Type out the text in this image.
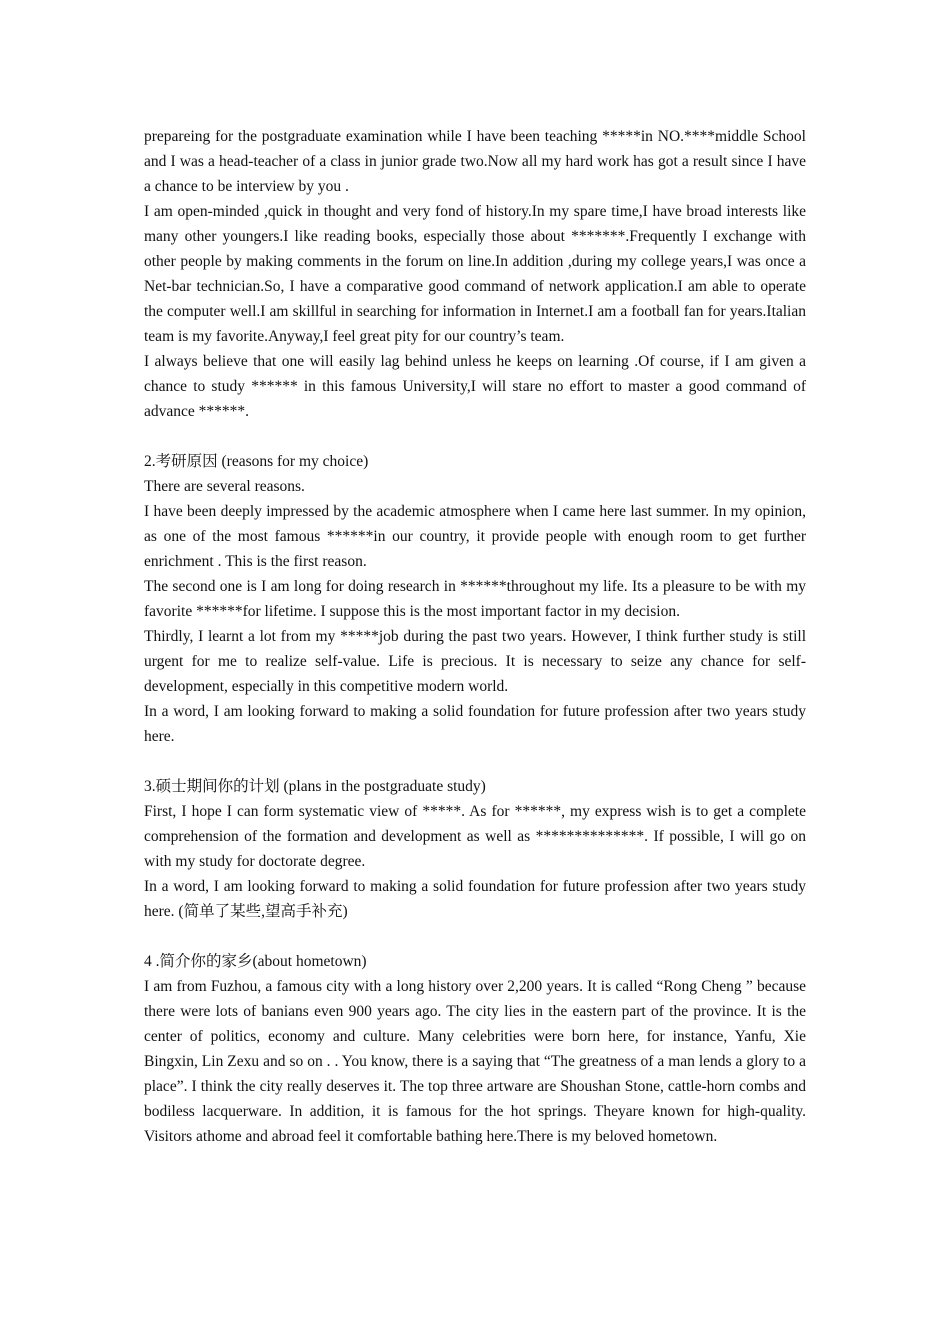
prepareing for the postgraduate examination while I have been teaching *****in NO.****middle School and I was a head-teacher of a class in junior grade two.Now all my hard work has got a result since I have a chance to be interview by you .

I am open-minded ,quick in thought and very fond of history.In my spare time,I have broad interests like many other youngers.I like reading books, especially those about *******.Frequently I exchange with other people by making comments in the forum on line.In addition ,during my college years,I was once a Net-bar technician.So, I have a comparative good command of network application.I am able to operate the computer well.I am skillful in searching for information in Internet.I am a football fan for years.Italian team is my favorite.Anyway,I feel great pity for our country’s team.

I always believe that one will easily lag behind unless he keeps on learning .Of course, if I am given a chance to study ****** in this famous University,I will stare no effort to master a good command of advance ******.

2.考研原因 (reasons for my choice)

There are several reasons.

I have been deeply impressed by the academic atmosphere when I came here last summer. In my opinion, as one of the most famous ******in our country, it provide people with enough room to get further enrichment . This is the first reason.

The second one is I am long for doing research in ******throughout my life. Its a pleasure to be with my favorite ******for lifetime. I suppose this is the most important factor in my decision.

Thirdly, I learnt a lot from my *****job during the past two years. However, I think further study is still urgent for me to realize self-value. Life is precious. It is necessary to seize any chance for self-development, especially in this competitive modern world.

In a word, I am looking forward to making a solid foundation for future profession after two years study here.

3.硕士期间你的计划 (plans in the postgraduate study)

First, I hope I can form systematic view of *****. As for ******, my express wish is to get a complete comprehension of the formation and development as well as **************. If possible, I will go on with my study for doctorate degree.

In a word, I am looking forward to making a solid foundation for future profession after two years study here. (简单了某些,望高手补充)

4 .简介你的家乡(about hometown)

I am from Fuzhou, a famous city with a long history over 2,200 years. It is called “Rong Cheng ” because there were lots of banians even 900 years ago. The city lies in the eastern part of the province. It is the center of politics, economy and culture. Many celebrities were born here, for instance, Yanfu, Xie Bingxin, Lin Zexu and so on . . You know, there is a saying that “The greatness of a man lends a glory to a place”. I think the city really deserves it. The top three artware are Shoushan Stone, cattle-horn combs and bodiless lacquerware. In addition, it is famous for the hot springs. Theyare known for high-quality. Visitors athome and abroad feel it comfortable bathing here.There is my beloved hometown.
